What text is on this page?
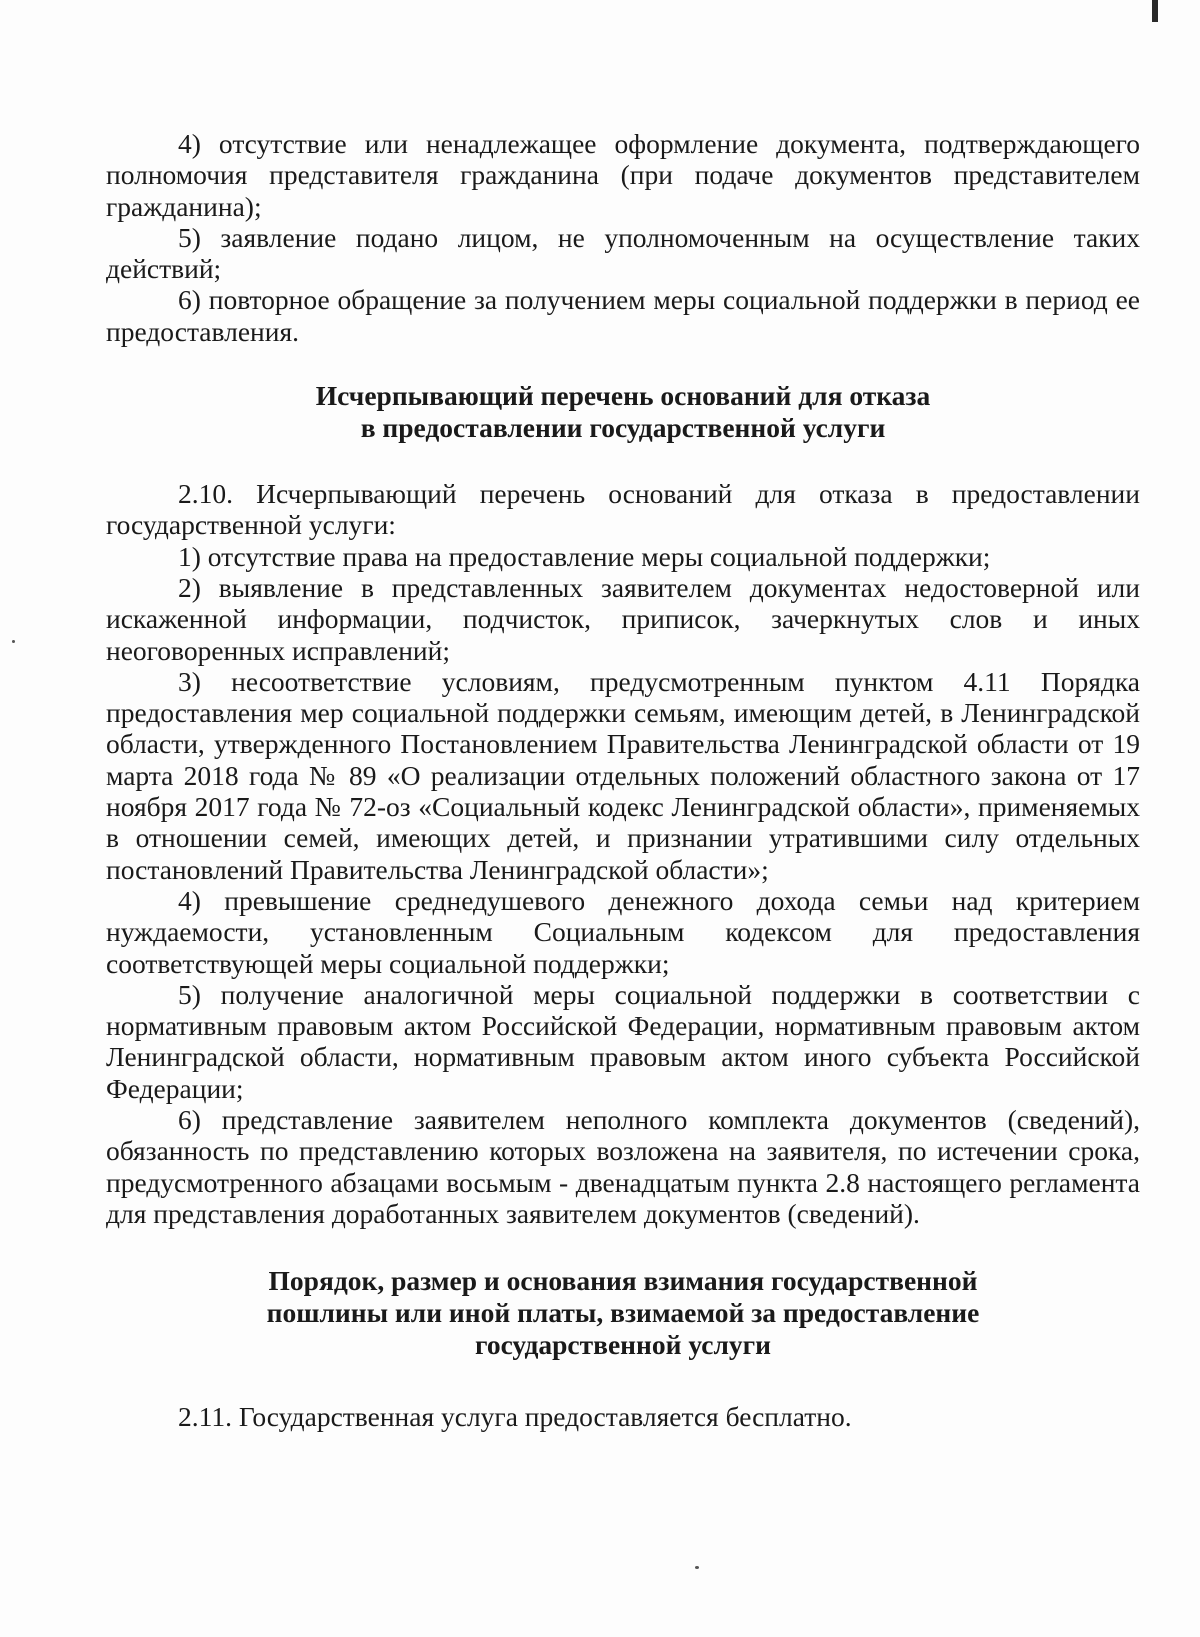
4) отсутствие или ненадлежащее оформление документа, подтверждающего полномочия представителя гражданина (при подаче документов представителем гражданина);

5) заявление подано лицом, не уполномоченным на осуществление таких действий;

6) повторное обращение за получением меры социальной поддержки в период ее предоставления.

Исчерпывающий перечень оснований для отказа
в предоставлении государственной услуги

2.10. Исчерпывающий перечень оснований для отказа в предоставлении государственной услуги:

1) отсутствие права на предоставление меры социальной поддержки;

2) выявление в представленных заявителем документах недостоверной или искаженной информации, подчисток, приписок, зачеркнутых слов и иных неоговоренных исправлений;

3) несоответствие условиям, предусмотренным пунктом 4.11 Порядка предоставления мер социальной поддержки семьям, имеющим детей, в Ленинградской области, утвержденного Постановлением Правительства Ленинградской области от 19 марта 2018 года № 89 «О реализации отдельных положений областного закона от 17 ноября 2017 года № 72-оз «Социальный кодекс Ленинградской области», применяемых в отношении семей, имеющих детей, и признании утратившими силу отдельных постановлений Правительства Ленинградской области»;

4) превышение среднедушевого денежного дохода семьи над критерием нуждаемости, установленным Социальным кодексом для предоставления соответствующей меры социальной поддержки;

5) получение аналогичной меры социальной поддержки в соответствии с нормативным правовым актом Российской Федерации, нормативным правовым актом Ленинградской области, нормативным правовым актом иного субъекта Российской Федерации;

6) представление заявителем неполного комплекта документов (сведений), обязанность по представлению которых возложена на заявителя, по истечении срока, предусмотренного абзацами восьмым - двенадцатым пункта 2.8 настоящего регламента для представления доработанных заявителем документов (сведений).

Порядок, размер и основания взимания государственной
пошлины или иной платы, взимаемой за предоставление
государственной услуги

2.11. Государственная услуга предоставляется бесплатно.
